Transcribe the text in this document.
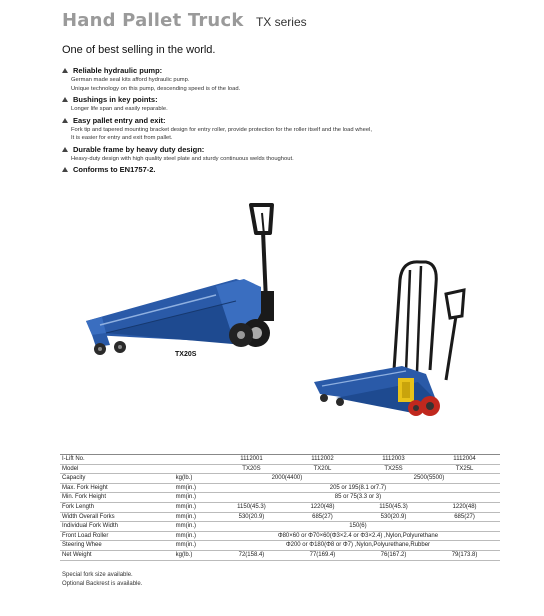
Hand Pallet Truck TX series
One of best selling in the world.
Reliable hydraulic pump:
German made seal kits afford hydraulic pump.
Unique technology on this pump, descending speed is of the load.
Bushings in key points:
Longer life span and easily reparable.
Easy pallet entry and exit:
Fork tip and tapered mounting bracket design for entry roller, provide protection for the roller itself and the load wheel,
It is easier for entry and exit from pallet.
Durable frame by heavy duty design:
Heavy-duty design with high quality steel plate and sturdy continuous welds thoughout.
Conforms to EN1757-2.
TX20S
I-Lift No.		1112001	1112002	1112003	1112004
Model		TX20S	TX20L	TX25S	TX25L
Capacity	kg(lb.)	2000(4400)		2500(5500)	
Max. Fork Height	mm(in.)	205 or 195(8.1 or7.7)			
Min. Fork Height	mm(in.)	85 or 75(3.3 or 3)			
Fork Length	mm(in.)	1150(45.3)	1220(48)	1150(45.3)	1220(48)
Width Overall Forks	mm(in.)	530(20.9)	685(27)	530(20.9)	685(27)
Individual Fork Width	mm(in.)	150(6)			
Front Load Roller	mm(in.)	Φ80×60 or Φ70×60(Φ3×2.4 or Φ3×2.4) ,Nylon,Polyurethane			
Steering Whee	mm(in.)	Φ200 or Φ180(Φ8 or Φ7) ,Nylon,Polyurethane,Rubber			
Net Weight	kg(lb.)	72(158.4)	77(169.4)	76(167.2)	79(173.8)
Special fork size available.
Optional Backrest is available.
